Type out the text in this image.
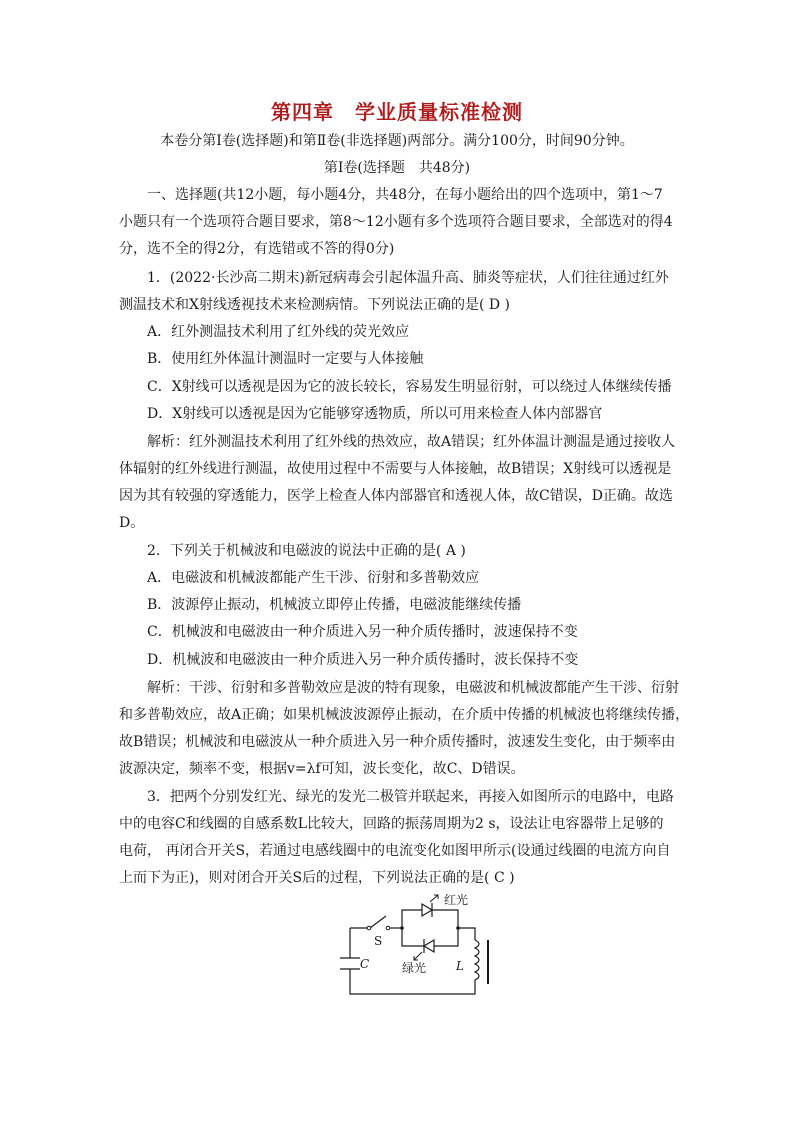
第四章　学业质量标准检测
本卷分第Ⅰ卷(选择题)和第Ⅱ卷(非选择题)两部分。满分100分，时间90分钟。
第Ⅰ卷(选择题　共48分)
一、选择题(共12小题，每小题4分，共48分，在每小题给出的四个选项中，第1～7
小题只有一个选项符合题目要求，第8～12小题有多个选项符合题目要求，全部选对的得4
分，选不全的得2分，有选错或不答的得0分)
1．(2022·长沙高二期末)新冠病毒会引起体温升高、肺炎等症状，人们往往通过红外
测温技术和X射线透视技术来检测病情。下列说法正确的是( D )
A．红外测温技术利用了红外线的荧光效应
B．使用红外体温计测温时一定要与人体接触
C．X射线可以透视是因为它的波长较长，容易发生明显衍射，可以绕过人体继续传播
D．X射线可以透视是因为它能够穿透物质，所以可用来检查人体内部器官
解析：红外测温技术利用了红外线的热效应，故A错误；红外体温计测温是通过接收人
体辐射的红外线进行测温，故使用过程中不需要与人体接触，故B错误；X射线可以透视是
因为其有较强的穿透能力，医学上检查人体内部器官和透视人体，故C错误，D正确。故选
D。
2．下列关于机械波和电磁波的说法中正确的是( A )
A．电磁波和机械波都能产生干涉、衍射和多普勒效应
B．波源停止振动，机械波立即停止传播，电磁波能继续传播
C．机械波和电磁波由一种介质进入另一种介质传播时，波速保持不变
D．机械波和电磁波由一种介质进入另一种介质传播时，波长保持不变
解析：干涉、衍射和多普勒效应是波的特有现象，电磁波和机械波都能产生干涉、衍射
和多普勒效应，故A正确；如果机械波波源停止振动，在介质中传播的机械波也将继续传播，
故B错误；机械波和电磁波从一种介质进入另一种介质传播时，波速发生变化，由于频率由
波源决定，频率不变，根据v=λf可知，波长变化，故C、D错误。
3．把两个分别发红光、绿光的发光二极管并联起来，再接入如图所示的电路中，电路
中的电容C和线圈的自感系数L比较大，回路的振荡周期为2 s，设法让电容器带上足够的
电荷， 再闭合开关S，若通过电感线圈中的电流变化如图甲所示(设通过线圈的电流方向自
上而下为正)，则对闭合开关S后的过程，下列说法正确的是( C )
S
C	L
红光
绿光
